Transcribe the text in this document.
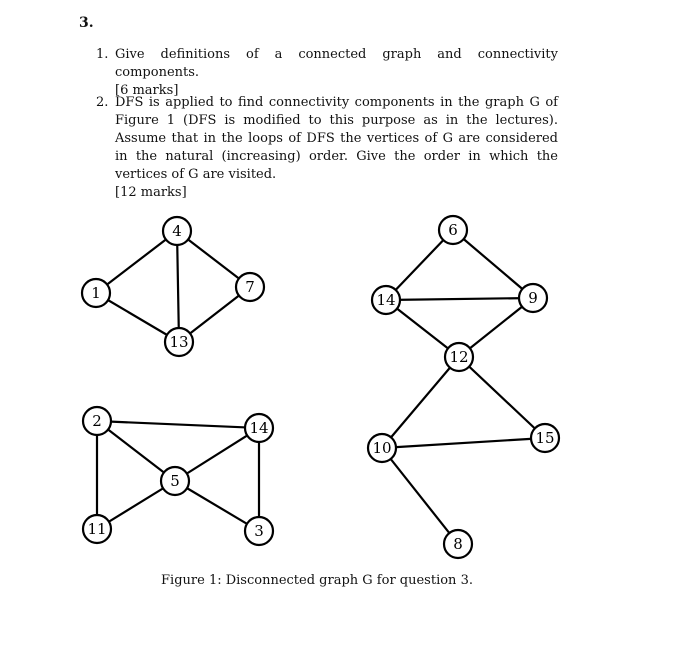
3.
1. Give definitions of a connected graph and connectivity components.
[6 marks]
2. DFS is applied to find connectivity components in the graph G of Figure 1 (DFS is modified to this purpose as in the lectures). Assume that in the loops of DFS the vertices of G are considered in the natural (increasing) order. Give the order in which the vertices of G are visited.
[12 marks]
4
1	7
13
6
14	9
12
2	14
5
11	3
10
15
8
Figure 1: Disconnected graph G for question 3.
